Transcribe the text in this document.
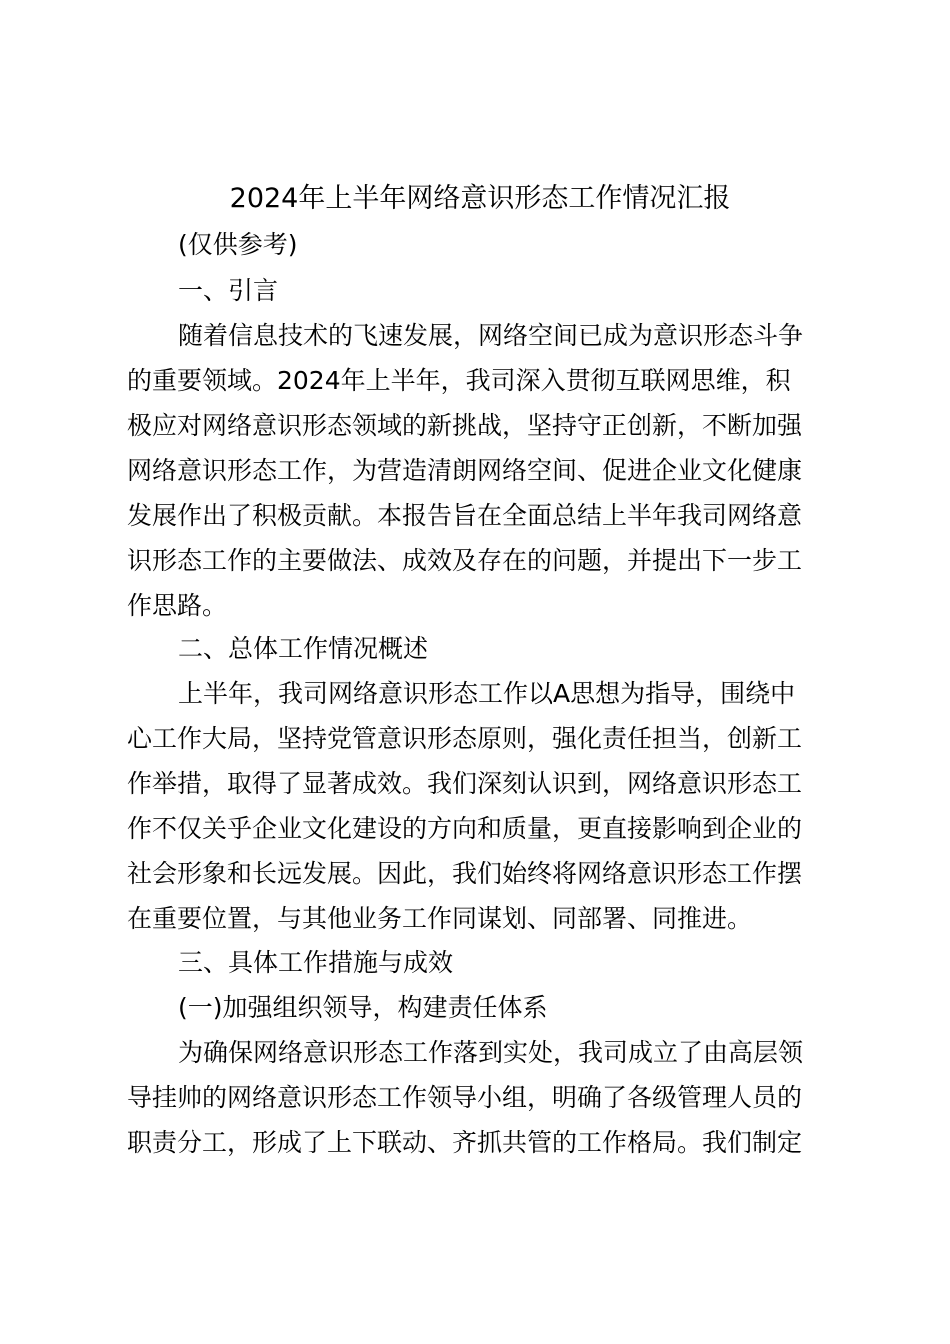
2024年上半年网络意识形态工作情况汇报

(仅供参考)

一、引言

随着信息技术的飞速发展，网络空间已成为意识形态斗争

的重要领域。2024年上半年，我司深入贯彻互联网思维，积

极应对网络意识形态领域的新挑战，坚持守正创新，不断加强

网络意识形态工作，为营造清朗网络空间、促进企业文化健康

发展作出了积极贡献。本报告旨在全面总结上半年我司网络意

识形态工作的主要做法、成效及存在的问题，并提出下一步工

作思路。

二、总体工作情况概述

上半年，我司网络意识形态工作以A思想为指导，围绕中

心工作大局，坚持党管意识形态原则，强化责任担当，创新工

作举措，取得了显著成效。我们深刻认识到，网络意识形态工

作不仅关乎企业文化建设的方向和质量，更直接影响到企业的

社会形象和长远发展。因此，我们始终将网络意识形态工作摆

在重要位置，与其他业务工作同谋划、同部署、同推进。

三、具体工作措施与成效

(一)加强组织领导，构建责任体系

为确保网络意识形态工作落到实处，我司成立了由高层领

导挂帅的网络意识形态工作领导小组，明确了各级管理人员的

职责分工，形成了上下联动、齐抓共管的工作格局。我们制定
